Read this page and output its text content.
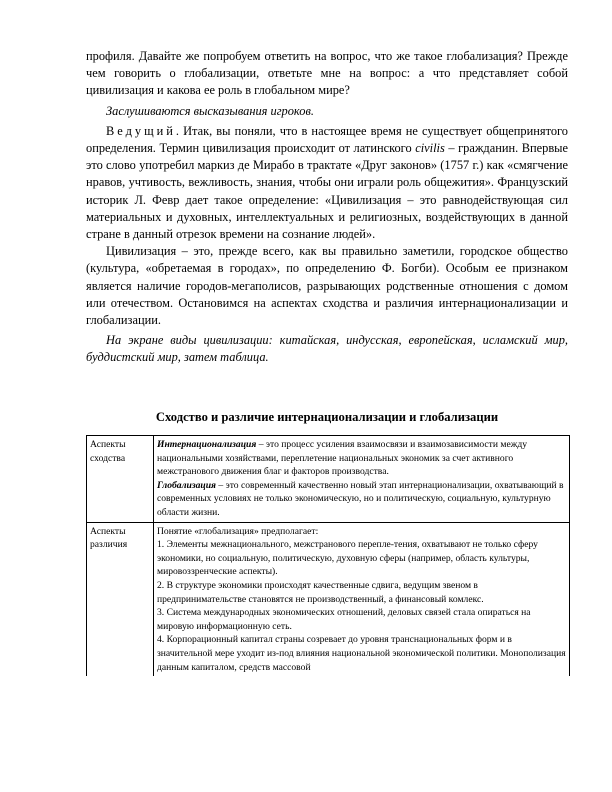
профиля. Давайте же попробуем ответить на вопрос, что же такое глобализация? Прежде чем говорить о глобализации, ответьте мне на вопрос: а что представляет собой цивилизация и какова ее роль в глобальном мире?

Заслушиваются высказывания игроков.

Ведущий. Итак, вы поняли, что в настоящее время не существует общепринятого определения. Термин цивилизация происходит от латинского civilis – гражданин. Впервые это слово употребил маркиз де Мирабо в трактате «Друг законов» (1757 г.) как «смягчение нравов, учтивость, вежливость, знания, чтобы они играли роль общежития». Французский историк Л. Февр дает такое определение: «Цивилизация – это равнодействующая сил материальных и духовных, интеллектуальных и религиозных, воздействующих в данной стране в данный отрезок времени на сознание людей».

Цивилизация – это, прежде всего, как вы правильно заметили, городское общество (культура, «обретаемая в городах», по определению Ф. Богби). Особым ее признаком является наличие городов-мегаполисов, разрывающих родственные отношения с домом или отечеством. Остановимся на аспектах сходства и различия интернационализации и глобализации.

На экране виды цивилизации: китайская, индусская, европейская, исламский мир, буддистский мир, затем таблица.

Сходство и различие интернационализации и глобализации
Аспекты сходства	Интернационализация – это процесс усиления взаимосвязи и взаимозависимости между национальными хозяйствами, переплетение национальных экономик за счет активного межстранового движения благ и факторов производства.

Глобализация – это современный качественно новый этап интернационализации, охватывающий в современных условиях не только экономическую, но и политическую, социальную, культурную области жизни.

Аспекты различия	Понятие «глобализация» предполагает:

1. Элементы межнационального, межстранового перепле-тения, охватывают не только сферу экономики, но социальную, политическую, духовную сферы (например, область культуры, мировоззренческие аспекты).

2. В структуре экономики происходят качественные сдвига, ведущим звеном в предпринимательстве становятся не производственный, а финансовый комлекс.

3. Система международных экономических отношений, деловых связей стала опираться на мировую информационную сеть.

4. Корпорационный капитал страны созревает до уровня транснациональных форм и в значительной мере уходит из-под влияния национальной экономической политики. Монополизация данным капиталом, средств массовой
